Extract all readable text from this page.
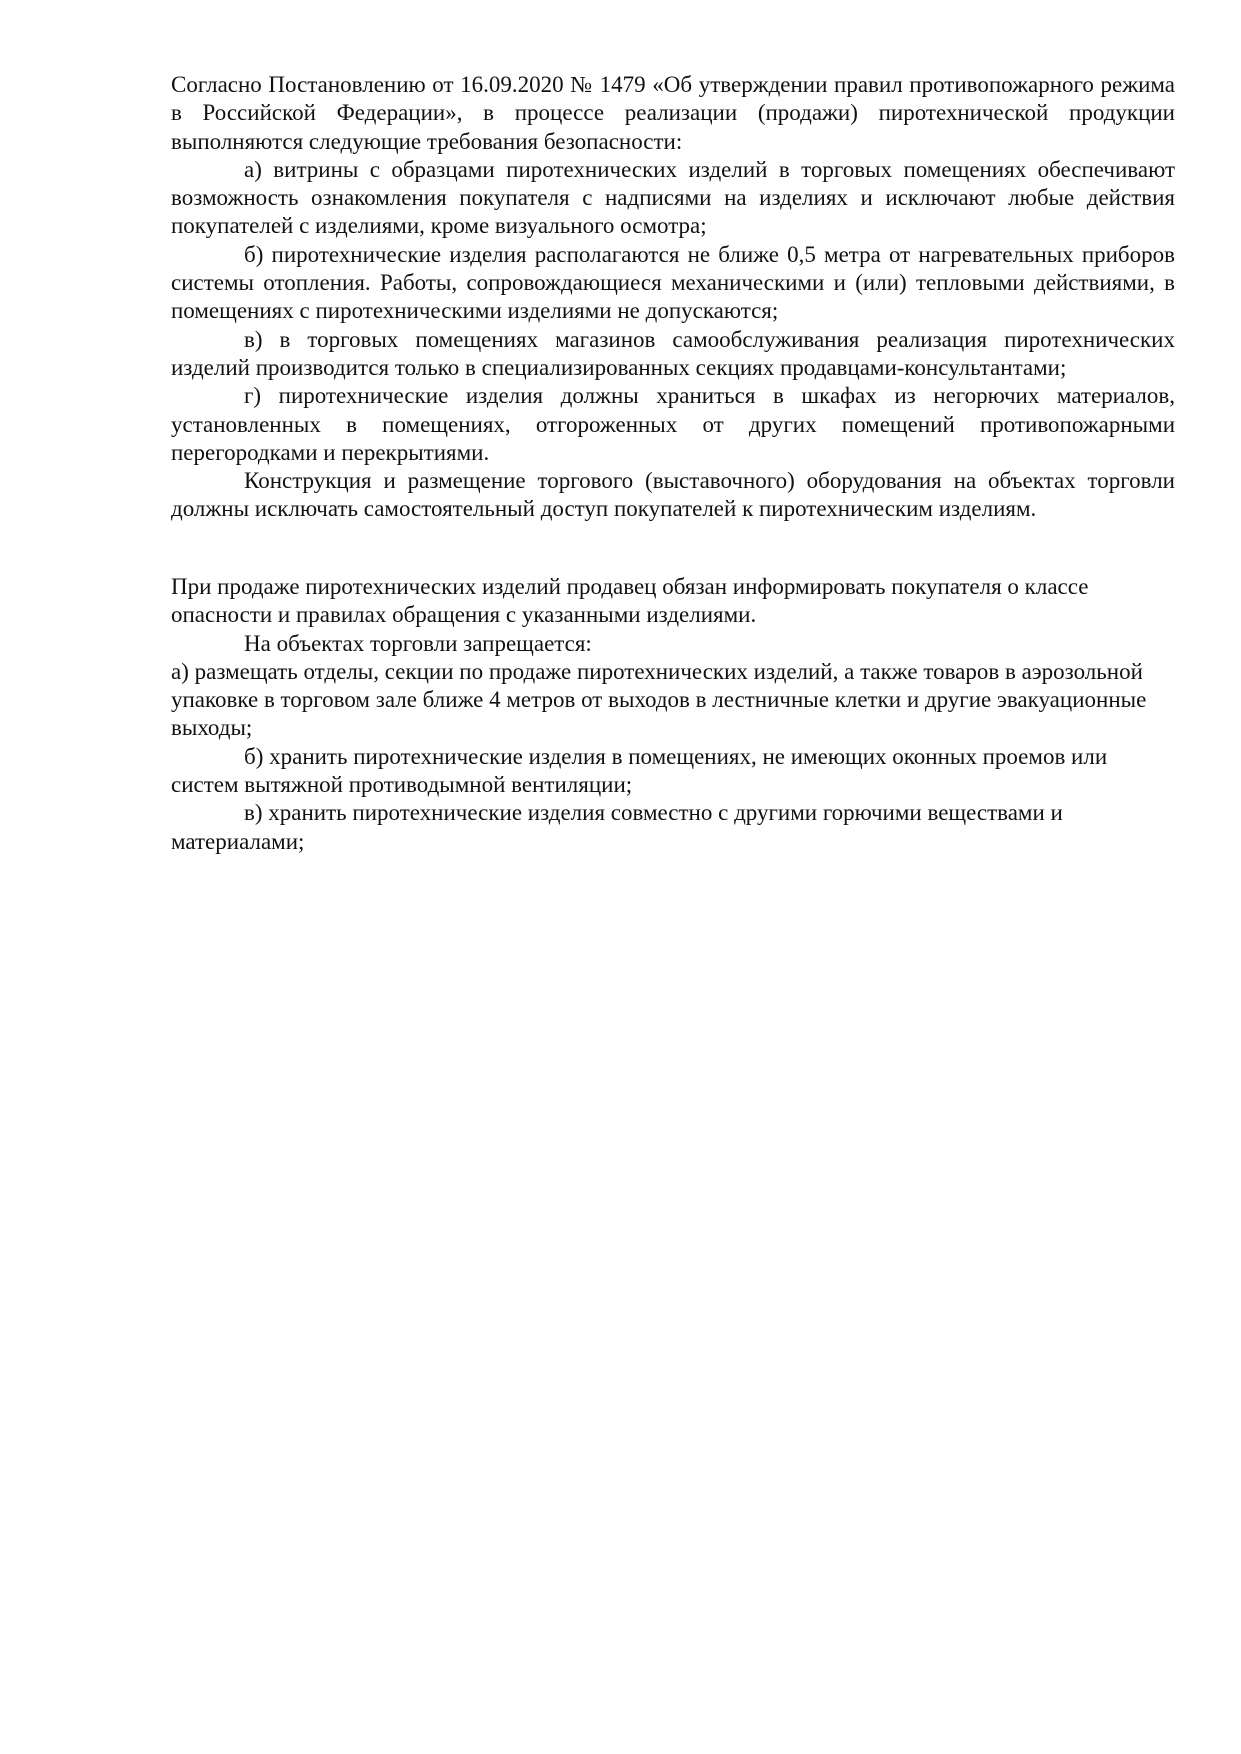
Согласно Постановлению от 16.09.2020 № 1479 «Об утверждении правил противопожарного режима в Российской Федерации», в процессе реализации (продажи) пиротехнической продукции выполняются следующие требования безопасности:

а) витрины с образцами пиротехнических изделий в торговых помещениях обеспечивают возможность ознакомления покупателя с надписями на изделиях и исключают любые действия покупателей с изделиями, кроме визуального осмотра;

б) пиротехнические изделия располагаются не ближе 0,5 метра от нагревательных приборов системы отопления. Работы, сопровождающиеся механическими и (или) тепловыми действиями, в помещениях с пиротехническими изделиями не допускаются;

в) в торговых помещениях магазинов самообслуживания реализация пиротехнических изделий производится только в специализированных секциях продавцами-консультантами;

г) пиротехнические изделия должны храниться в шкафах из негорючих материалов, установленных в помещениях, отгороженных от других помещений противопожарными перегородками и перекрытиями.

Конструкция и размещение торгового (выставочного) оборудования на объектах торговли должны исключать самостоятельный доступ покупателей к пиротехническим изделиям.

При продаже пиротехнических изделий продавец обязан информировать покупателя о классе опасности и правилах обращения с указанными изделиями.

На объектах торговли запрещается:

а) размещать отделы, секции по продаже пиротехнических изделий, а также товаров в аэрозольной упаковке в торговом зале ближе 4 метров от выходов в лестничные клетки и другие эвакуационные выходы;

б) хранить пиротехнические изделия в помещениях, не имеющих оконных проемов или систем вытяжной противодымной вентиляции;

в) хранить пиротехнические изделия совместно с другими горючими веществами и материалами;
